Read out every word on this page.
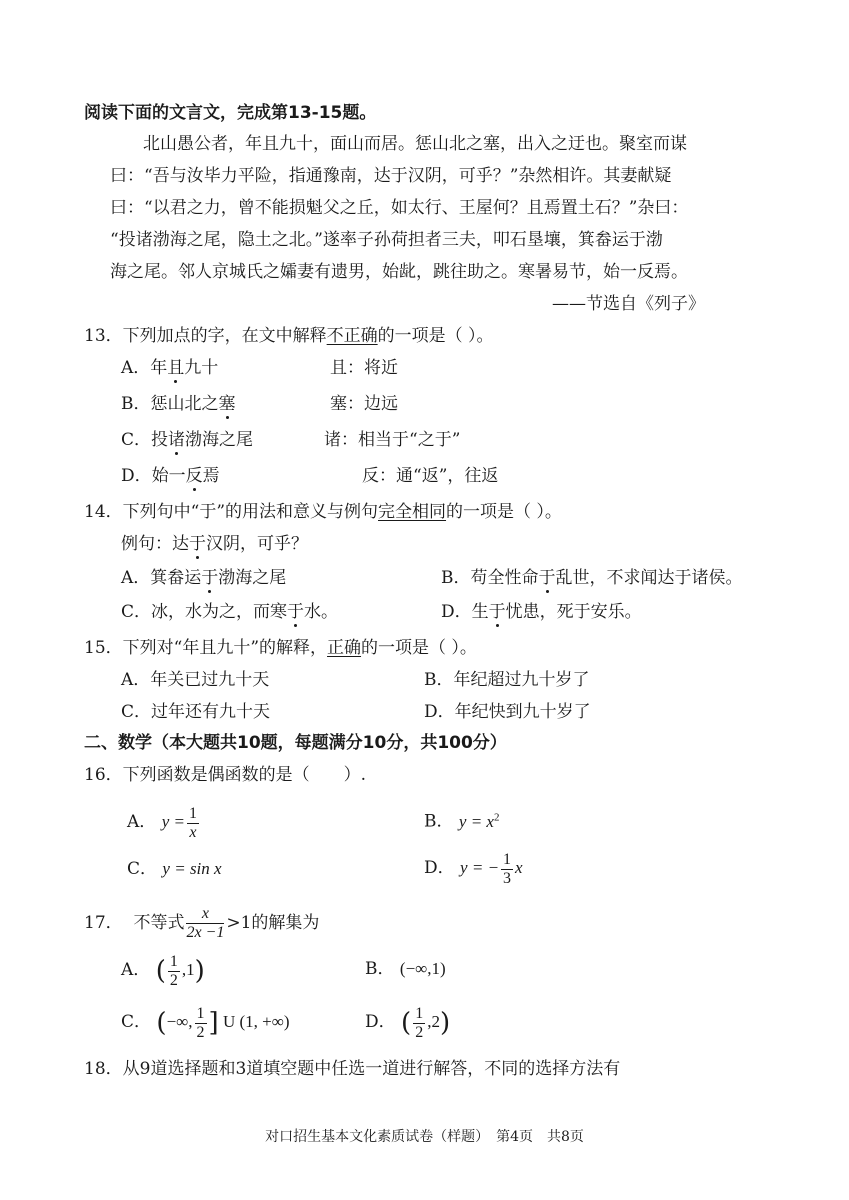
阅读下面的文言文，完成第13-15题。
北山愚公者，年且九十，面山而居。惩山北之塞，出入之迂也。聚室而谋
曰：“吾与汝毕力平险，指通豫南，达于汉阴，可乎？”杂然相许。其妻献疑
曰：“以君之力，曾不能损魁父之丘，如太行、王屋何？且焉置土石？”杂曰：
“投诸渤海之尾，隐土之北。”遂率子孙荷担者三夫，叩石垦壤，箕畚运于渤
海之尾。邻人京城氏之孀妻有遗男，始龀，跳往助之。寒暑易节，始一反焉。
——节选自《列子》
13．下列加点的字，在文中解释不正确的一项是（ ）。
A．年且九十	且：将近
B．惩山北之塞	塞：边远
C．投诸渤海之尾	诸：相当于“之于”
D．始一反焉	反：通“返”，往返
14．下列句中“于”的用法和意义与例句完全相同的一项是（ ）。
例句：达于汉阴，可乎？
A．箕畚运于渤海之尾	B．苟全性命于乱世，不求闻达于诸侯。
C．冰，水为之，而寒于水。	D．生于忧患，死于安乐。
15．下列对“年且九十”的解释，正确的一项是（ ）。
A．年关已过九十天	B．年纪超过九十岁了
C．过年还有九十天	D．年纪快到九十岁了
二、数学（本大题共10题，每题满分10分，共100分）
16．下列函数是偶函数的是（　　）.
A． $y = \frac{1}{x}$	B． $y = x^2$
C． y = sin x	D． y = − $\frac{1}{3}$ x
17． 不等式 $\frac{x}{2x -1} >1$的解集为
A． ( $\frac{1}{2} ,1$)	B． (−∞,1)
C． (−∞, $\frac{1}{2}$ ] U (1, +∞)	D． ( $\frac{1}{2} ,2$)
18．从9道选择题和3道填空题中任选一道进行解答，不同的选择方法有
对口招生基本文化素质试卷（样题）　第4页　共8页
